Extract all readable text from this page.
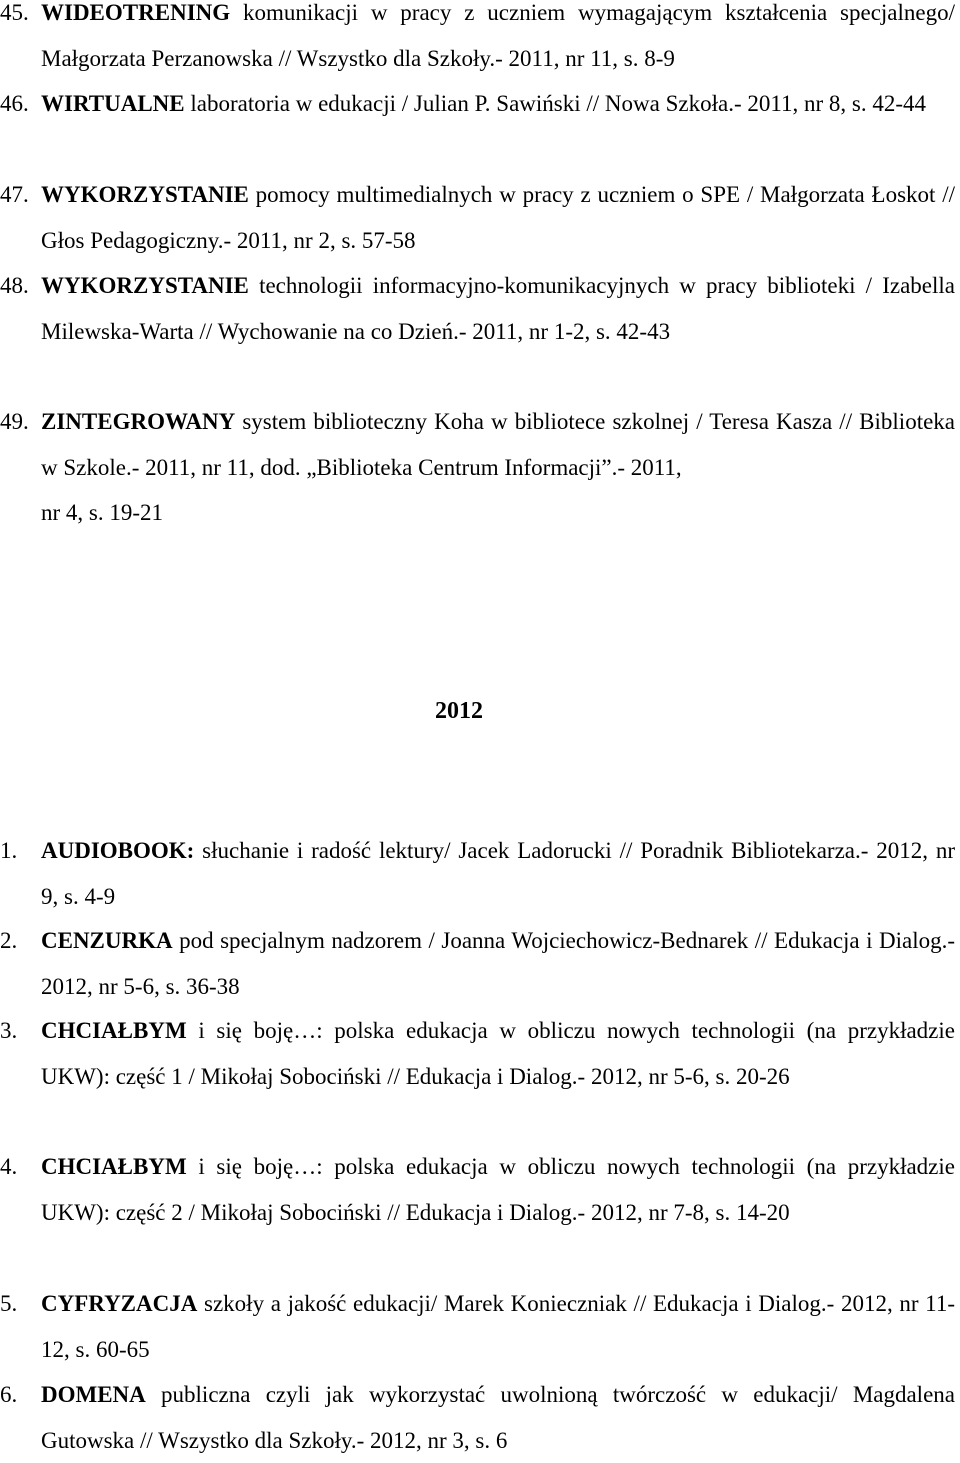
45. WIDEOTRENING komunikacji w pracy z uczniem wymagającym kształcenia specjalnego/ Małgorzata Perzanowska // Wszystko dla Szkoły.- 2011, nr 11, s. 8-9
46. WIRTUALNE laboratoria w edukacji / Julian P. Sawiński // Nowa Szkoła.- 2011, nr 8, s. 42-44
47. WYKORZYSTANIE pomocy multimedialnych w pracy z uczniem o SPE / Małgorzata Łoskot // Głos Pedagogiczny.- 2011, nr 2, s. 57-58
48. WYKORZYSTANIE technologii informacyjno-komunikacyjnych w pracy biblioteki / Izabella Milewska-Warta // Wychowanie na co Dzień.- 2011, nr 1-2, s. 42-43
49. ZINTEGROWANY system biblioteczny Koha w bibliotece szkolnej / Teresa Kasza // Biblioteka w Szkole.- 2011, nr 11, dod. „Biblioteka Centrum Informacji”.- 2011,
nr 4, s. 19-21
2012
1. AUDIOBOOK: słuchanie i radość lektury/ Jacek Ladorucki // Poradnik Bibliotekarza.- 2012, nr 9, s. 4-9
2. CENZURKA pod specjalnym nadzorem / Joanna Wojciechowicz-Bednarek // Edukacja i Dialog.- 2012, nr 5-6, s. 36-38
3. CHCIAŁBYM i się boję…: polska edukacja w obliczu nowych technologii (na przykładzie UKW): część 1 / Mikołaj Sobociński // Edukacja i Dialog.- 2012, nr 5-6, s. 20-26
4. CHCIAŁBYM i się boję…: polska edukacja w obliczu nowych technologii (na przykładzie UKW): część 2 / Mikołaj Sobociński // Edukacja i Dialog.- 2012, nr 7-8, s. 14-20
5. CYFRYZACJA szkoły a jakość edukacji/ Marek Konieczniak // Edukacja i Dialog.- 2012, nr 11-12, s. 60-65
6. DOMENA publiczna czyli jak wykorzystać uwolnioną twórczość w edukacji/ Magdalena Gutowska // Wszystko dla Szkoły.- 2012, nr 3, s. 6
